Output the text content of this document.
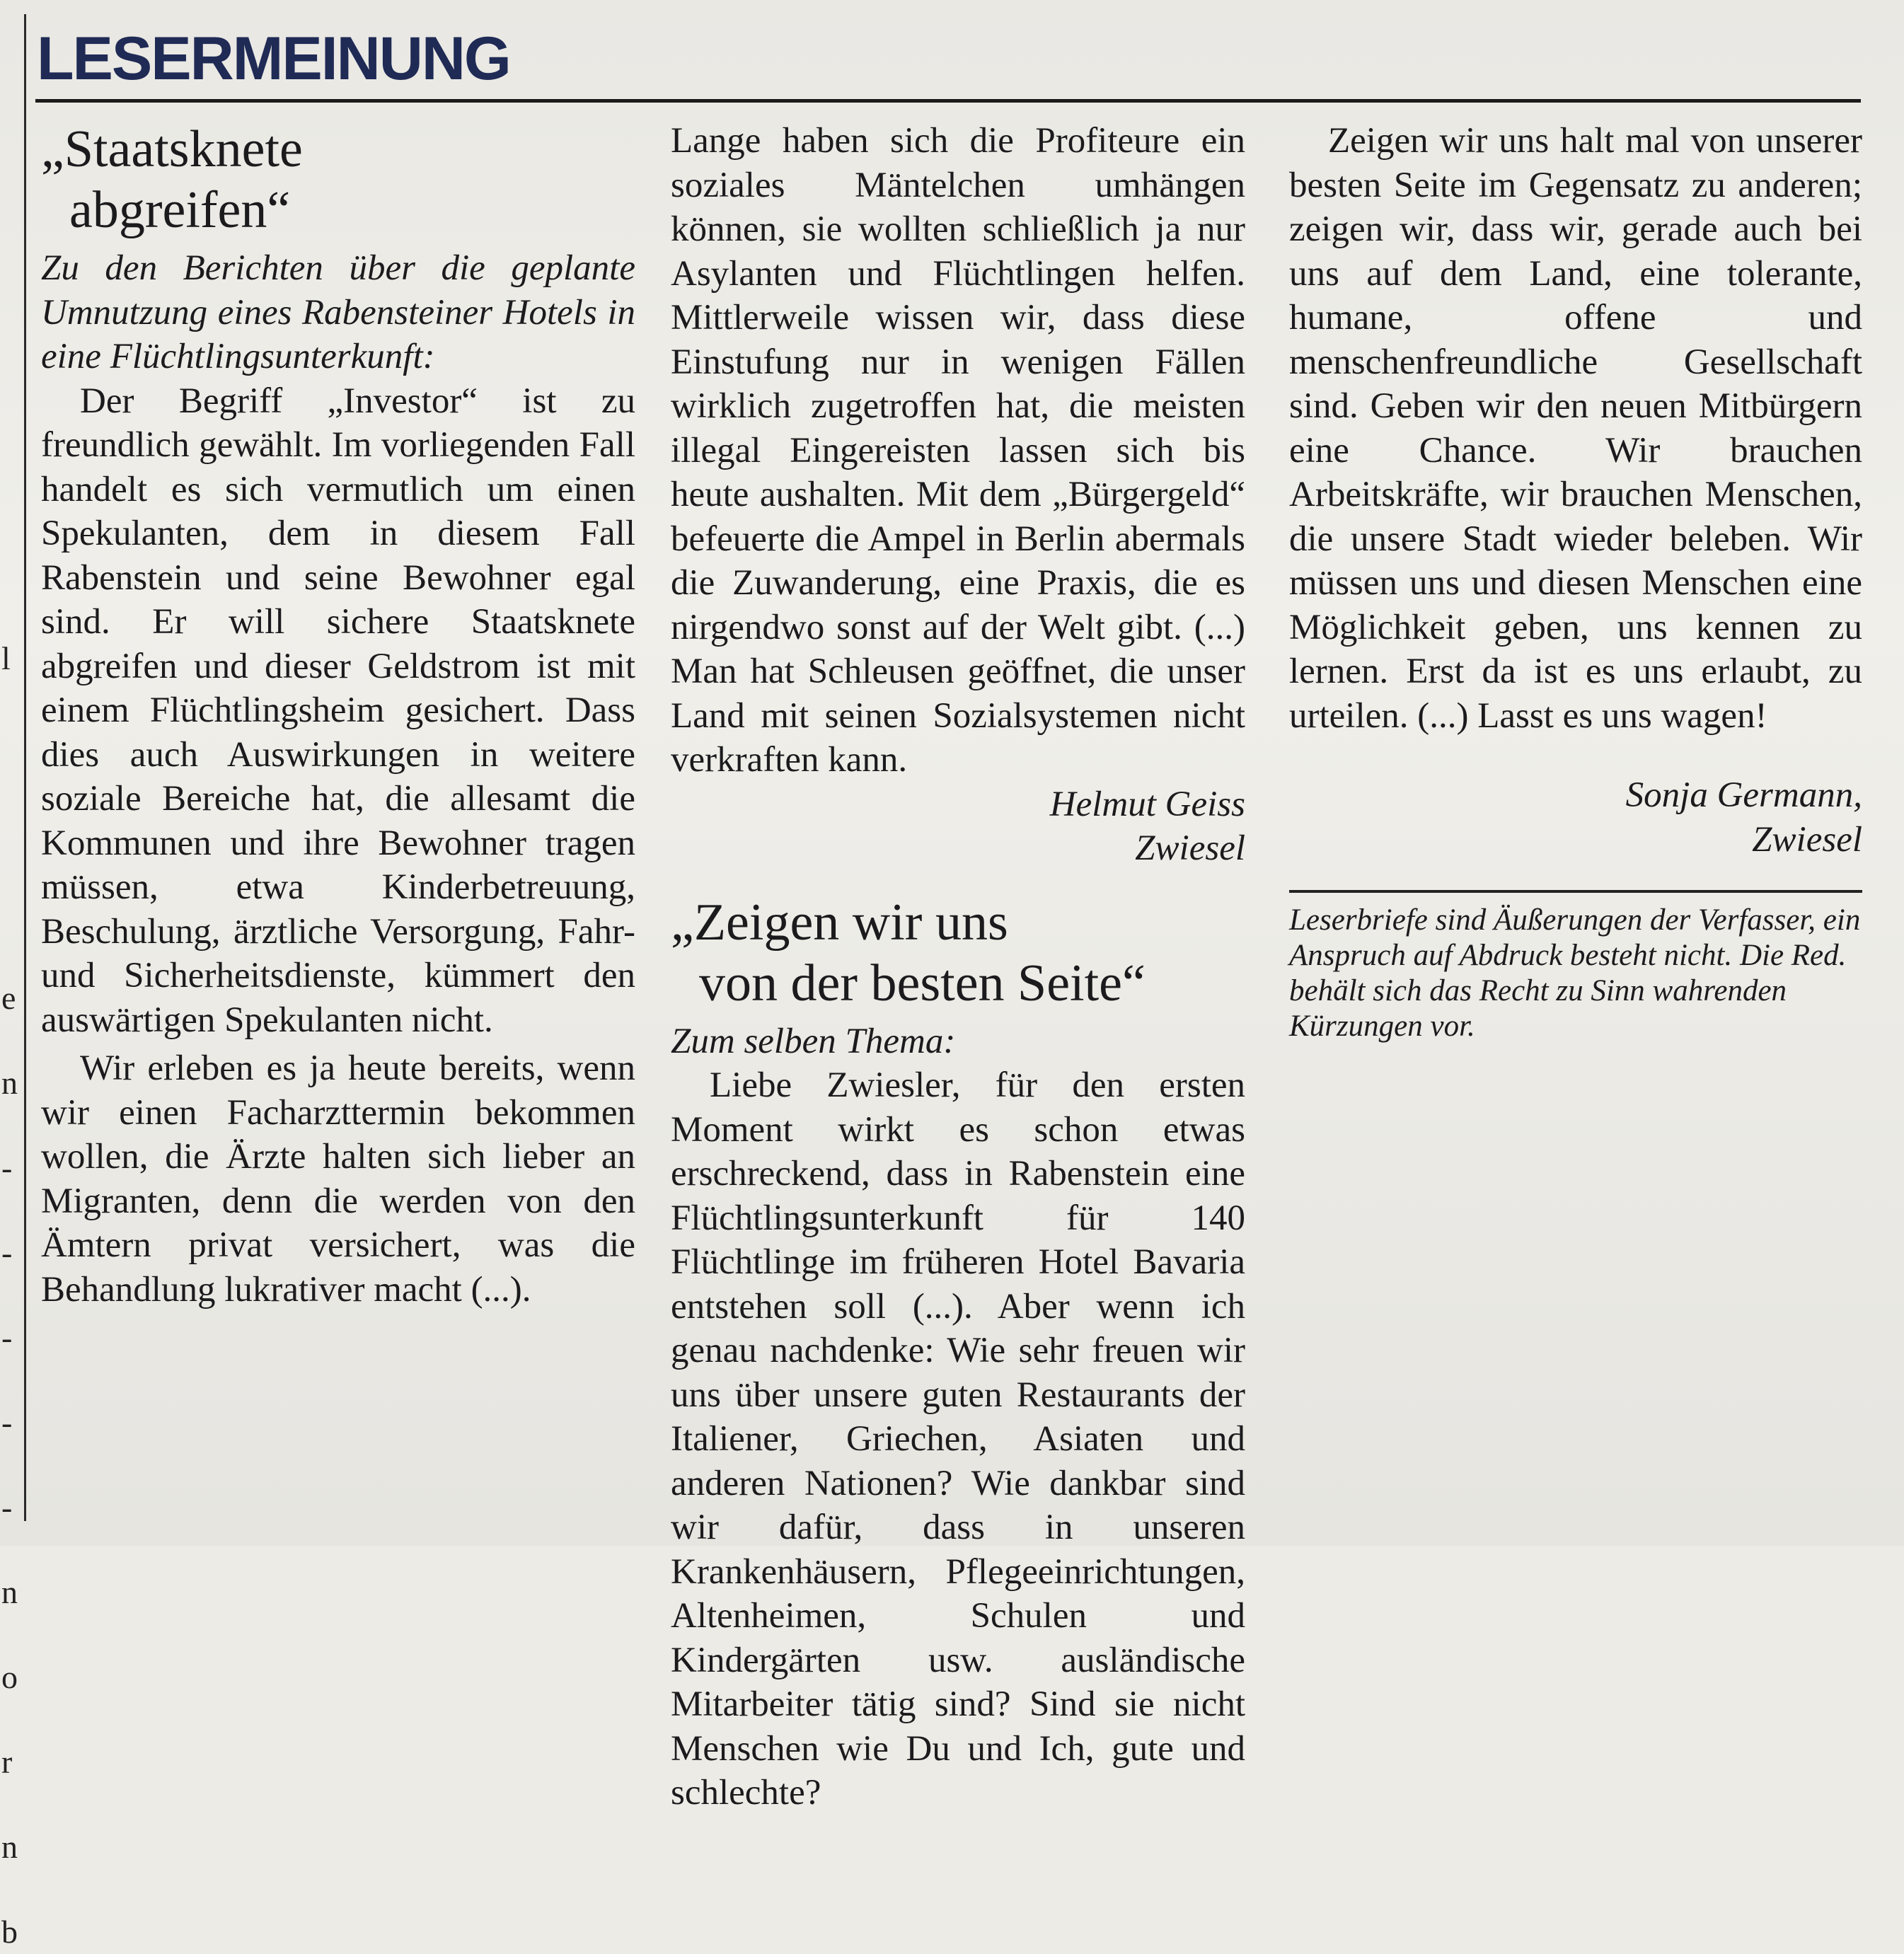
l
e
n
-
-
-
-
-
n
o
r
n
b
LESERMEINUNG
„Staatsknete
abgreifen“

Zu den Berichten über die geplante Umnutzung eines Rabensteiner Hotels in eine Flüchtlingsunterkunft:

Der Begriff „Investor“ ist zu freundlich gewählt. Im vorliegenden Fall handelt es sich vermutlich um einen Spekulanten, dem in diesem Fall Rabenstein und seine Bewohner egal sind. Er will sichere Staatsknete abgreifen und dieser Geldstrom ist mit einem Flüchtlingsheim gesichert. Dass dies auch Auswirkungen in weitere soziale Bereiche hat, die allesamt die Kommunen und ihre Bewohner tragen müssen, etwa Kinderbetreuung, Beschulung, ärztliche Versorgung, Fahr- und Sicherheitsdienste, kümmert den auswärtigen Spekulanten nicht.

Wir erleben es ja heute bereits, wenn wir einen Facharzttermin bekommen wollen, die Ärzte halten sich lieber an Migranten, denn die werden von den Ämtern privat versichert, was die Behandlung lukrativer macht (...).

Lange haben sich die Profiteure ein soziales Mäntelchen umhängen können, sie wollten schließlich ja nur Asylanten und Flüchtlingen helfen. Mittlerweile wissen wir, dass diese Einstufung nur in wenigen Fällen wirklich zugetroffen hat, die meisten illegal Eingereisten lassen sich bis heute aushalten. Mit dem „Bürgergeld“ befeuerte die Ampel in Berlin abermals die Zuwanderung, eine Praxis, die es nirgendwo sonst auf der Welt gibt. (...) Man hat Schleusen geöffnet, die unser Land mit seinen Sozialsystemen nicht verkraften kann.

Helmut Geiss

Zwiesel

„Zeigen wir uns
von der besten Seite“

Zum selben Thema:

Liebe Zwiesler, für den ersten Moment wirkt es schon etwas erschreckend, dass in Rabenstein eine Flüchtlingsunterkunft für 140 Flüchtlinge im früheren Hotel Bavaria entstehen soll (...). Aber wenn ich genau nachdenke: Wie sehr freuen wir uns über unsere guten Restaurants der Italiener, Griechen, Asiaten und anderen Nationen? Wie dankbar sind wir dafür, dass in unseren Krankenhäusern, Pflegeeinrichtungen, Altenheimen, Schulen und Kindergärten usw. ausländische Mitarbeiter tätig sind? Sind sie nicht Menschen wie Du und Ich, gute und schlechte?

Zeigen wir uns halt mal von unserer besten Seite im Gegensatz zu anderen; zeigen wir, dass wir, gerade auch bei uns auf dem Land, eine tolerante, humane, offene und menschenfreundliche Gesellschaft sind. Geben wir den neuen Mitbürgern eine Chance. Wir brauchen Arbeitskräfte, wir brauchen Menschen, die unsere Stadt wieder beleben. Wir müssen uns und diesen Menschen eine Möglichkeit geben, uns kennen zu lernen. Erst da ist es uns erlaubt, zu urteilen. (...) Lasst es uns wagen!

Sonja Germann,

Zwiesel

Leserbriefe sind Äußerungen der Verfasser, ein Anspruch auf Abdruck besteht nicht. Die Red. behält sich das Recht zu Sinn wahrenden Kürzungen vor.
